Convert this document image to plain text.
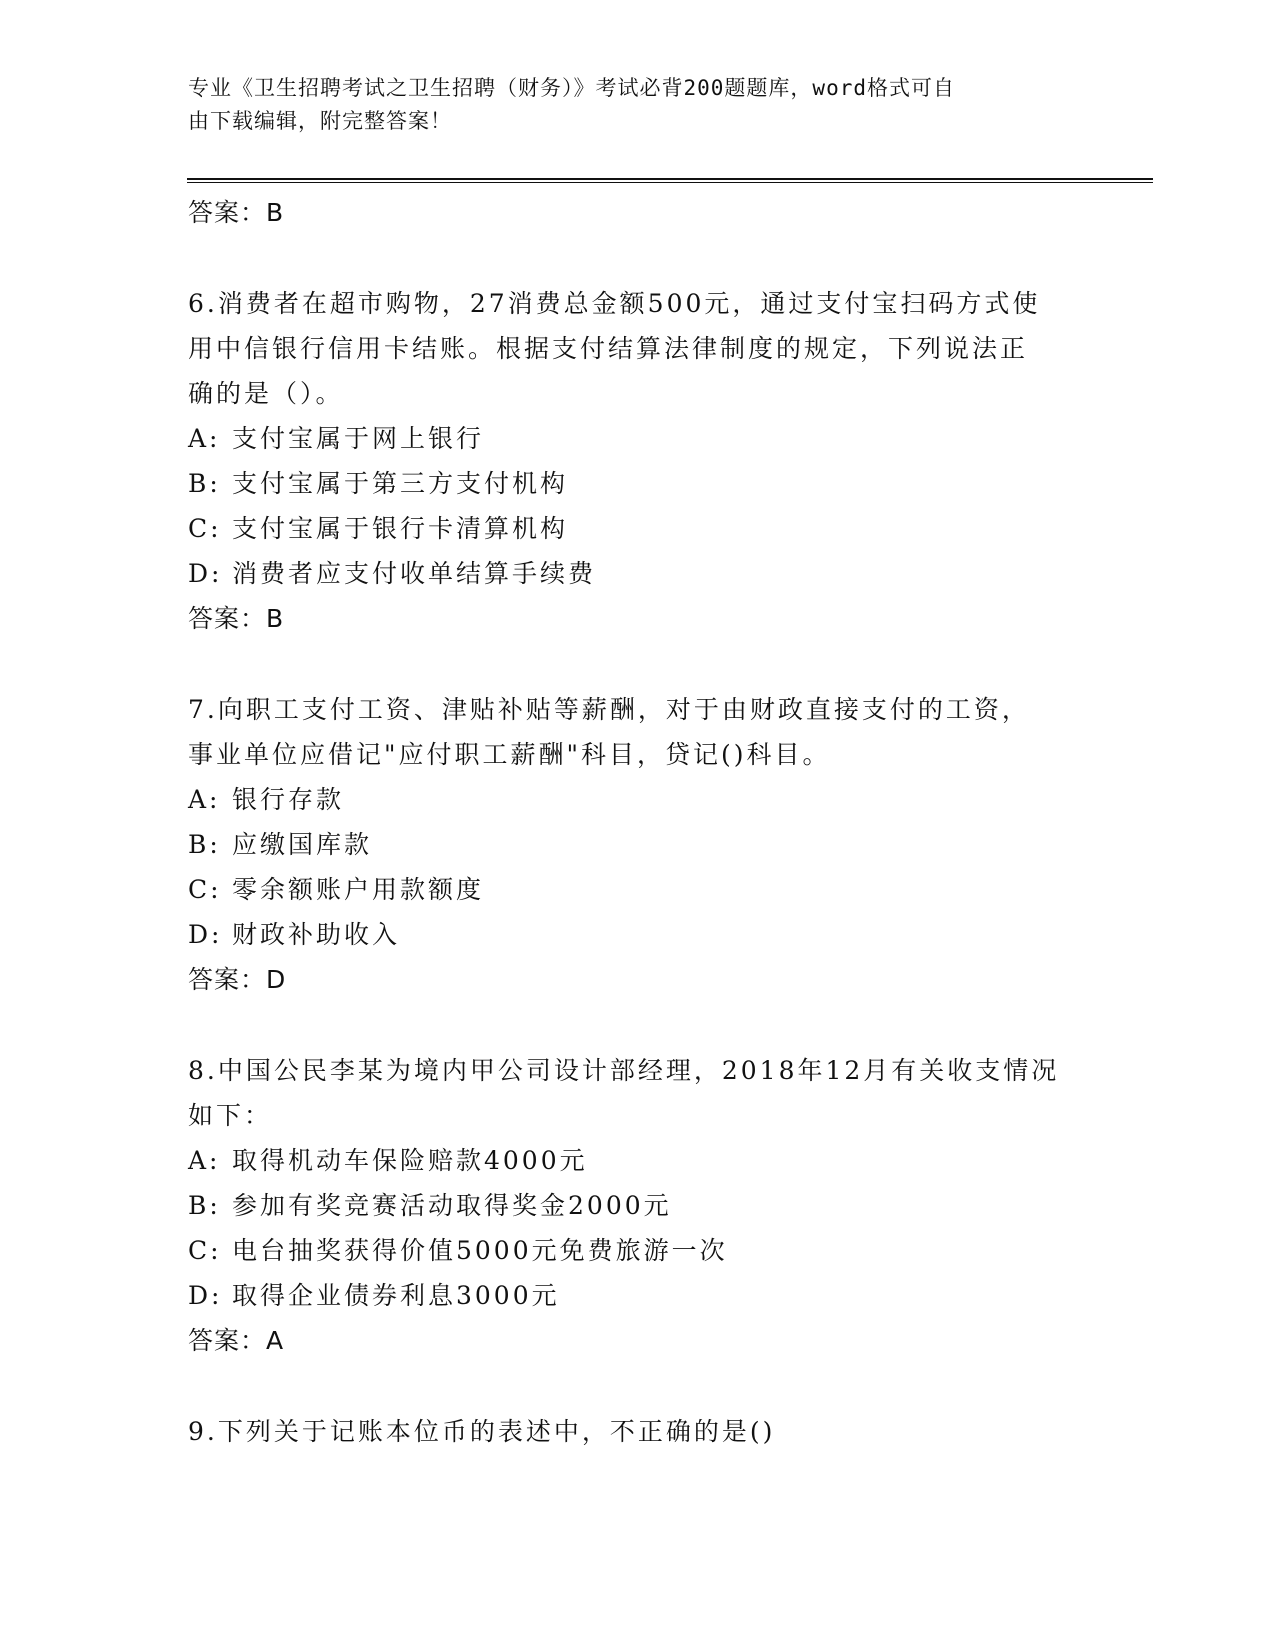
专业《卫生招聘考试之卫生招聘（财务）》考试必背200题题库，word格式可自
由下载编辑，附完整答案！
答案：B
6.消费者在超市购物，27消费总金额500元，通过支付宝扫码方式使
用中信银行信用卡结账。根据支付结算法律制度的规定，下列说法正
确的是（）。
A: 支付宝属于网上银行
B: 支付宝属于第三方支付机构
C: 支付宝属于银行卡清算机构
D: 消费者应支付收单结算手续费
答案：B
7.向职工支付工资、津贴补贴等薪酬，对于由财政直接支付的工资，
事业单位应借记"应付职工薪酬"科目，贷记()科目。
A: 银行存款
B: 应缴国库款
C: 零余额账户用款额度
D: 财政补助收入
答案：D
8.中国公民李某为境内甲公司设计部经理，2018年12月有关收支情况
如下：
A: 取得机动车保险赔款4000元
B: 参加有奖竞赛活动取得奖金2000元
C: 电台抽奖获得价值5000元免费旅游一次
D: 取得企业债券利息3000元
答案：A
9.下列关于记账本位币的表述中，不正确的是()
